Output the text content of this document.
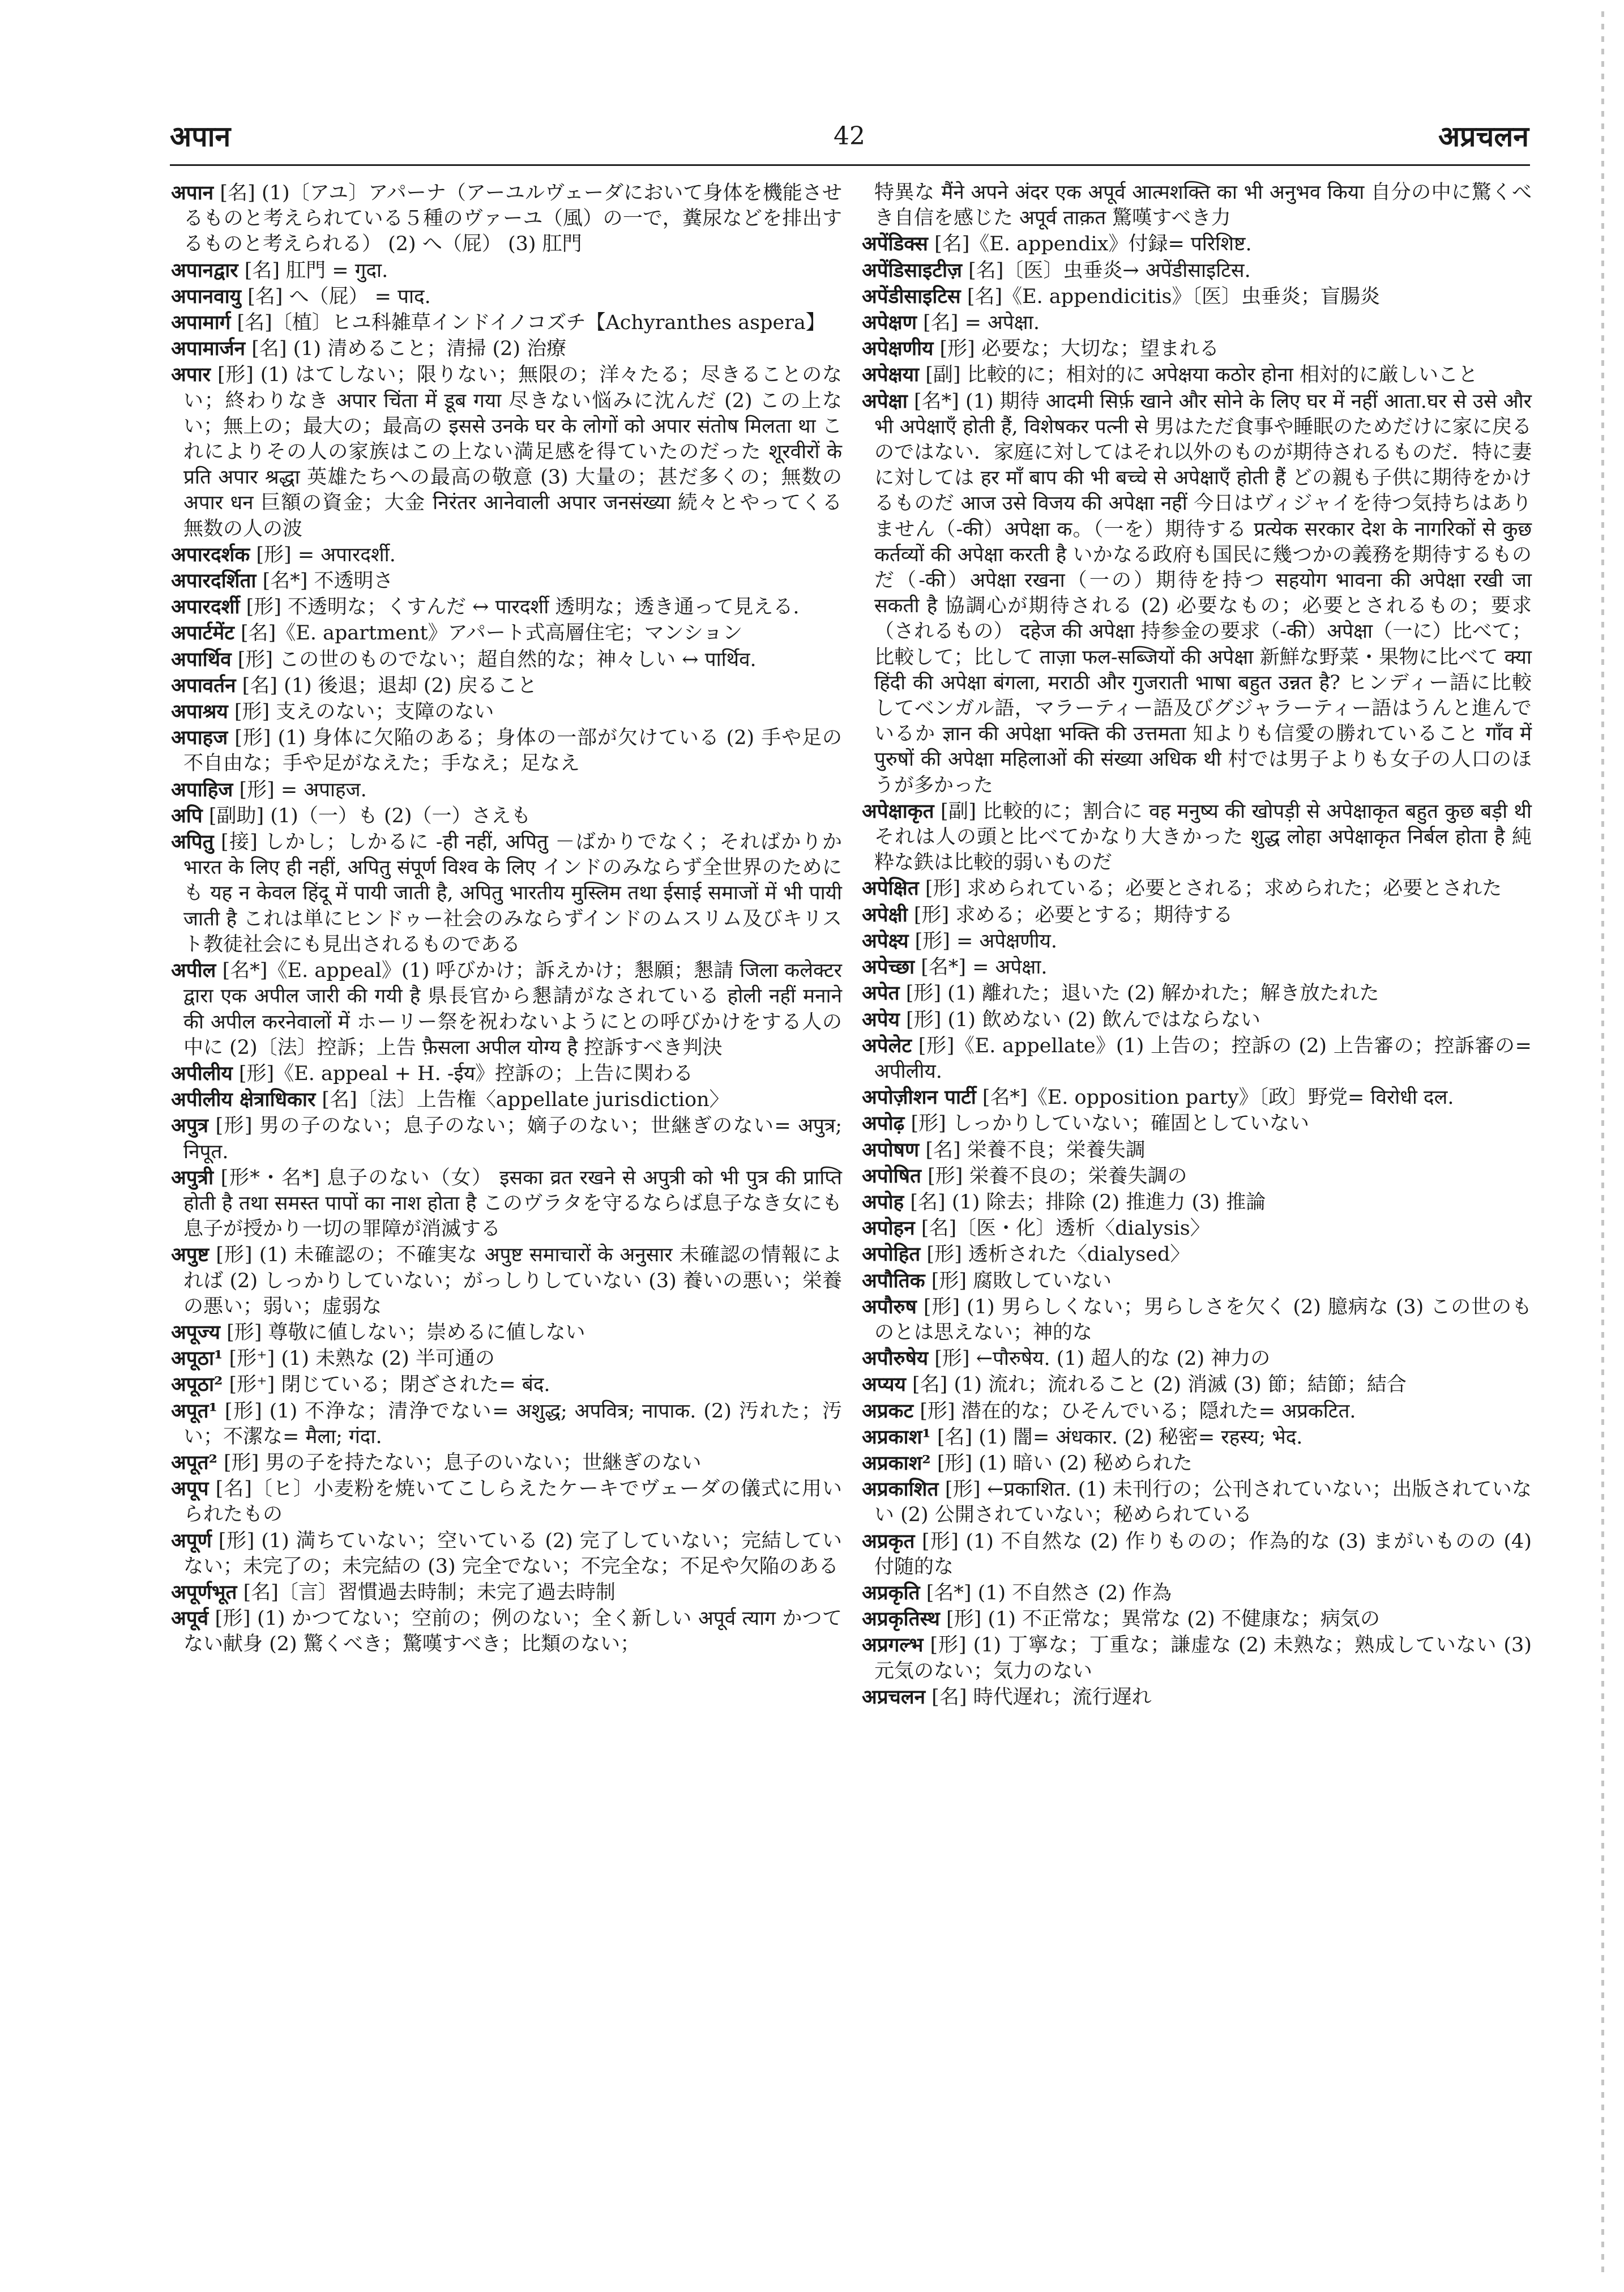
42
अपान	अप्रचलन

अपान [名] (1)〔アユ〕アパーナ（アーユルヴェーダにおいて身体を機能させるものと考えられている５種のヴァーユ（風）の一で，糞尿などを排出するものと考えられる） (2) へ（屁） (3) 肛門

अपानद्वार [名] 肛門 = गुदा.

अपानवायु [名] へ（屁） = पाद.

अपामार्ग [名]〔植〕ヒユ科雑草インドイノコズチ【Achyranthes aspera】

अपामार्जन [名] (1) 清めること；清掃 (2) 治療

अपार [形] (1) はてしない；限りない；無限の；洋々たる；尽きることのない；終わりなき अपार चिंता में डूब गया 尽きない悩みに沈んだ (2) この上ない；無上の；最大の；最高の इससे उनके घर के लोगों को अपार संतोष मिलता था これによりその人の家族はこの上ない満足感を得ていたのだった शूरवीरों के प्रति अपार श्रद्धा 英雄たちへの最高の敬意 (3) 大量の；甚だ多くの；無数の अपार धन 巨額の資金；大金 निरंतर आनेवाली अपार जनसंख्या 続々とやってくる無数の人の波

अपारदर्शक [形] = अपारदर्शी.

अपारदर्शिता [名*] 不透明さ

अपारदर्शी [形] 不透明な；くすんだ ↔ पारदर्शी 透明な；透き通って見える.

अपार्टमेंट [名]《E. apartment》アパート式高層住宅；マンション

अपार्थिव [形] この世のものでない；超自然的な；神々しい ↔ पार्थिव.

अपावर्तन [名] (1) 後退；退却 (2) 戻ること

अपाश्रय [形] 支えのない；支障のない

अपाहज [形] (1) 身体に欠陥のある；身体の一部が欠けている (2) 手や足の不自由な；手や足がなえた；手なえ；足なえ

अपाहिज [形] = अपाहज.

अपि [副助] (1)（一）も (2)（一）さえも

अपितु [接] しかし；しかるに -ही नहीं, अपितु －ばかりでなく；そればかりか भारत के लिए ही नहीं, अपितु संपूर्ण विश्व के लिए インドのみならず全世界のためにも यह न केवल हिंदू में पायी जाती है, अपितु भारतीय मुस्लिम तथा ईसाई समाजों में भी पायी जाती है これは単にヒンドゥー社会のみならずインドのムスリム及びキリスト教徒社会にも見出されるものである

अपील [名*]《E. appeal》(1) 呼びかけ；訴えかけ；懇願；懇請 जिला कलेक्टर द्वारा एक अपील जारी की गयी है 県長官から懇請がなされている होली नहीं मनाने की अपील करनेवालों में ホーリー祭を祝わないようにとの呼びかけをする人の中に (2)〔法〕控訴；上告 फ़ैसला अपील योग्य है 控訴すべき判決

अपीलीय [形]《E. appeal + H. -ईय》控訴の；上告に関わる

अपीलीय क्षेत्राधिकार [名]〔法〕上告権〈appellate jurisdiction〉

अपुत्र [形] 男の子のない；息子のない；嫡子のない；世継ぎのない= अपुत्र; निपूत.

अपुत्री [形*・名*] 息子のない（女） इसका व्रत रखने से अपुत्री को भी पुत्र की प्राप्ति होती है तथा समस्त पापों का नाश होता है このヴラタを守るならば息子なき女にも息子が授かり一切の罪障が消滅する

अपुष्ट [形] (1) 未確認の；不確実な अपुष्ट समाचारों के अनुसार 未確認の情報によれば (2) しっかりしていない；がっしりしていない (3) 養いの悪い；栄養の悪い；弱い；虚弱な

अपूज्य [形] 尊敬に値しない；崇めるに値しない

अपूठा¹ [形⁺] (1) 未熟な (2) 半可通の

अपूठा² [形⁺] 閉じている；閉ざされた= बंद.

अपूत¹ [形] (1) 不浄な；清浄でない= अशुद्ध; अपवित्र; नापाक. (2) 汚れた；汚い；不潔な= मैला; गंदा.

अपूत² [形] 男の子を持たない；息子のいない；世継ぎのない

अपूप [名]〔ヒ〕小麦粉を焼いてこしらえたケーキでヴェーダの儀式に用いられたもの

अपूर्ण [形] (1) 満ちていない；空いている (2) 完了していない；完結していない；未完了の；未完結の (3) 完全でない；不完全な；不足や欠陥のある

अपूर्णभूत [名]〔言〕習慣過去時制；未完了過去時制

अपूर्व [形] (1) かつてない；空前の；例のない；全く新しい अपूर्व त्याग かつてない献身 (2) 驚くべき；驚嘆すべき；比類のない；

特異な मैंने अपने अंदर एक अपूर्व आत्मशक्ति का भी अनुभव किया 自分の中に驚くべき自信を感じた अपूर्व ताक़त 驚嘆すべき力

अपेंडिक्स [名]《E. appendix》付録= परिशिष्ट.

अपेंडिसाइटीज़ [名]〔医〕虫垂炎→ अपेंडीसाइटिस.

अपेंडीसाइटिस [名]《E. appendicitis》〔医〕虫垂炎；盲腸炎

अपेक्षण [名] = अपेक्षा.

अपेक्षणीय [形] 必要な；大切な；望まれる

अपेक्षया [副] 比較的に；相対的に अपेक्षया कठोर होना 相対的に厳しいこと

अपेक्षा [名*] (1) 期待 आदमी सिर्फ़ खाने और सोने के लिए घर में नहीं आता.घर से उसे और भी अपेक्षाएँ होती हैं, विशेषकर पत्नी से 男はただ食事や睡眠のためだけに家に戻るのではない．家庭に対してはそれ以外のものが期待されるものだ．特に妻に対しては हर माँ बाप की भी बच्चे से अपेक्षाएँ होती हैं どの親も子供に期待をかけるものだ आज उसे विजय की अपेक्षा नहीं 今日はヴィジャイを待つ気持ちはありません（-की）अपेक्षा क。（一を）期待する प्रत्येक सरकार देश के नागरिकों से कुछ कर्तव्यों की अपेक्षा करती है いかなる政府も国民に幾つかの義務を期待するものだ（-की）अपेक्षा रखना（一の）期待を持つ सहयोग भावना की अपेक्षा रखी जा सकती है 協調心が期待される (2) 必要なもの；必要とされるもの；要求（されるもの） दहेज की अपेक्षा 持参金の要求（-की）अपेक्षा（一に）比べて；比較して；比して ताज़ा फल-सब्जियों की अपेक्षा 新鮮な野菜・果物に比べて क्या हिंदी की अपेक्षा बंगला, मराठी और गुजराती भाषा बहुत उन्नत है? ヒンディー語に比較してベンガル語，マラーティー語及びグジャラーティー語はうんと進んでいるか ज्ञान की अपेक्षा भक्ति की उत्तमता 知よりも信愛の勝れていること गाँव में पुरुषों की अपेक्षा महिलाओं की संख्या अधिक थी 村では男子よりも女子の人口のほうが多かった

अपेक्षाकृत [副] 比較的に；割合に वह मनुष्य की खोपड़ी से अपेक्षाकृत बहुत कुछ बड़ी थी それは人の頭と比べてかなり大きかった शुद्ध लोहा अपेक्षाकृत निर्बल होता है 純粋な鉄は比較的弱いものだ

अपेक्षित [形] 求められている；必要とされる；求められた；必要とされた

अपेक्षी [形] 求める；必要とする；期待する

अपेक्ष्य [形] = अपेक्षणीय.

अपेच्छा [名*] = अपेक्षा.

अपेत [形] (1) 離れた；退いた (2) 解かれた；解き放たれた

अपेय [形] (1) 飲めない (2) 飲んではならない

अपेलेट [形]《E. appellate》(1) 上告の；控訴の (2) 上告審の；控訴審の= अपीलीय.

अपोज़ीशन पार्टी [名*]《E. opposition party》〔政〕野党= विरोधी दल.

अपोढ़ [形] しっかりしていない；確固としていない

अपोषण [名] 栄養不良；栄養失調

अपोषित [形] 栄養不良の；栄養失調の

अपोह [名] (1) 除去；排除 (2) 推進力 (3) 推論

अपोहन [名]〔医・化〕透析〈dialysis〉

अपोहित [形] 透析された〈dialysed〉

अपौतिक [形] 腐敗していない

अपौरुष [形] (1) 男らしくない；男らしさを欠く (2) 臆病な (3) この世のものとは思えない；神的な

अपौरुषेय [形] ←पौरुषेय. (1) 超人的な (2) 神力の

अप्यय [名] (1) 流れ；流れること (2) 消滅 (3) 節；結節；結合

अप्रकट [形] 潜在的な；ひそんでいる；隠れた= अप्रकटित.

अप्रकाश¹ [名] (1) 闇= अंधकार. (2) 秘密= रहस्य; भेद.

अप्रकाश² [形] (1) 暗い (2) 秘められた

अप्रकाशित [形] ←प्रकाशित. (1) 未刊行の；公刊されていない；出版されていない (2) 公開されていない；秘められている

अप्रकृत [形] (1) 不自然な (2) 作りものの；作為的な (3) まがいものの (4) 付随的な

अप्रकृति [名*] (1) 不自然さ (2) 作為

अप्रकृतिस्थ [形] (1) 不正常な；異常な (2) 不健康な；病気の

अप्रगल्भ [形] (1) 丁寧な；丁重な；謙虚な (2) 未熟な；熟成していない (3) 元気のない；気力のない

अप्रचलन [名] 時代遅れ；流行遅れ
